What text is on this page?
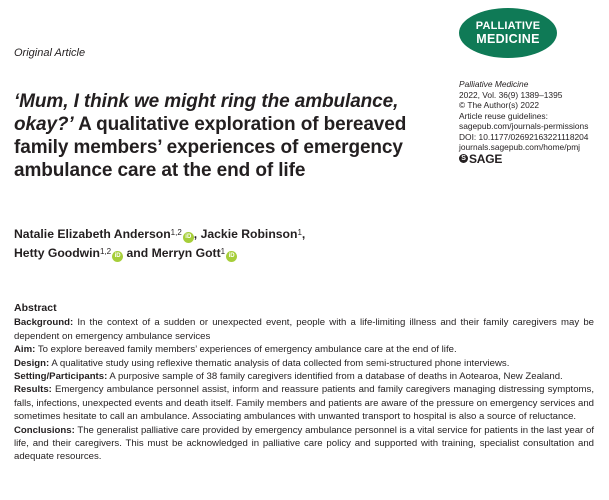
PALLIATIVE
MEDICINE
Original Article
Palliative Medicine
2022, Vol. 36(9) 1389–1395
© The Author(s) 2022
Article reuse guidelines:
sagepub.com/journals-permissions
DOI: 10.1177/02692163221118204
journals.sagepub.com/home/pmj
S SAGE
‘Mum, I think we might ring the ambulance, okay?’ A qualitative exploration of bereaved family members’ experiences of emergency ambulance care at the end of life
Natalie Elizabeth Anderson$^{1,2}$ iD , Jackie Robinson$^1$,
Hetty Goodwin$^{1,2}$ iD and Merryn Gott$^1$ iD
Abstract

Background: In the context of a sudden or unexpected event, people with a life-limiting illness and their family caregivers may be dependent on emergency ambulance services

Aim: To explore bereaved family members’ experiences of emergency ambulance care at the end of life.

Design: A qualitative study using reflexive thematic analysis of data collected from semi-structured phone interviews.

Setting/Participants: A purposive sample of 38 family caregivers identified from a database of deaths in Aotearoa, New Zealand.

Results: Emergency ambulance personnel assist, inform and reassure patients and family caregivers managing distressing symptoms, falls, infections, unexpected events and death itself. Family members and patients are aware of the pressure on emergency services and sometimes hesitate to call an ambulance. Associating ambulances with unwanted transport to hospital is also a source of reluctance.

Conclusions: The generalist palliative care provided by emergency ambulance personnel is a vital service for patients in the last year of life, and their caregivers. This must be acknowledged in palliative care policy and supported with training, specialist consultation and adequate resources.
